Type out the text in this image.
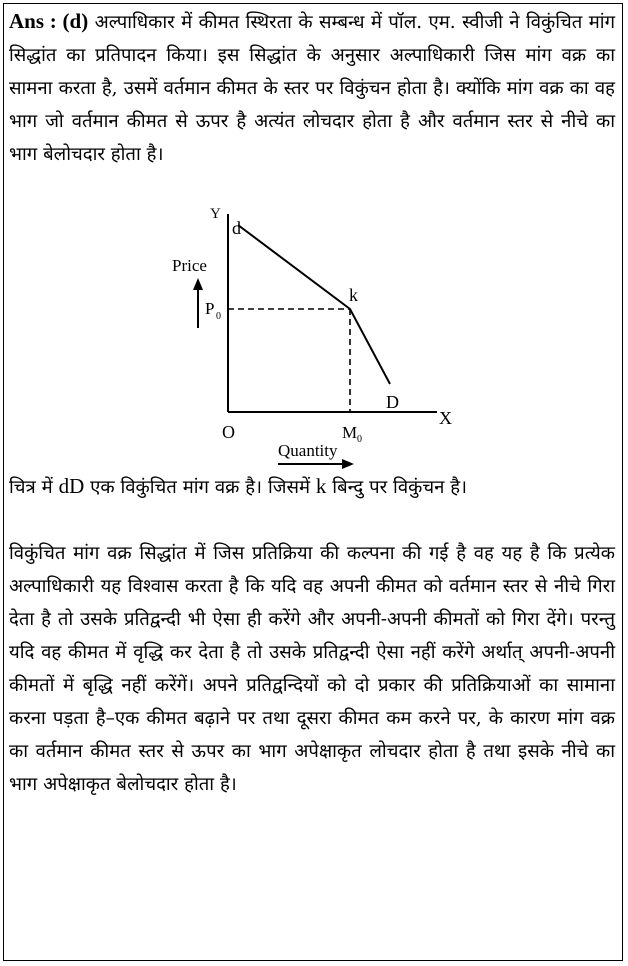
Ans : (d) अल्पाधिकार में कीमत स्थिरता के सम्बन्ध में पॉल. एम. स्वीजी ने विकुंचित मांग सिद्धांत का प्रतिपादन किया। इस सिद्धांत के अनुसार अल्पाधिकारी जिस मांग वक्र का सामना करता है, उसमें वर्तमान कीमत के स्तर पर विकुंचन होता है। क्योंकि मांग वक्र का वह भाग जो वर्तमान कीमत से ऊपर है अत्यंत लोचदार होता है और वर्तमान स्तर से नीचे का भाग बेलोचदार होता है।

Y
X
O
Price
Quantity
P 0
M 0
d
k
D

चित्र में dD एक विकुंचित मांग वक्र है। जिसमें k बिन्दु पर विकुंचन है।

विकुंचित मांग वक्र सिद्धांत में जिस प्रतिक्रिया की कल्पना की गई है वह यह है कि प्रत्येक अल्पाधिकारी यह विश्वास करता है कि यदि वह अपनी कीमत को वर्तमान स्तर से नीचे गिरा देता है तो उसके प्रतिद्वन्दी भी ऐसा ही करेंगे और अपनी-अपनी कीमतों को गिरा देंगे। परन्तु यदि वह कीमत में वृद्धि कर देता है तो उसके प्रतिद्वन्दी ऐसा नहीं करेंगे अर्थात् अपनी-अपनी कीमतों में बृद्धि नहीं करेंगें। अपने प्रतिद्वन्दियों को दो प्रकार की प्रतिक्रियाओं का सामाना करना पड़ता है–एक कीमत बढ़ाने पर तथा दूसरा कीमत कम करने पर, के कारण मांग वक्र का वर्तमान कीमत स्तर से ऊपर का भाग अपेक्षाकृत लोचदार होता है तथा इसके नीचे का भाग अपेक्षाकृत बेलोचदार होता है।
